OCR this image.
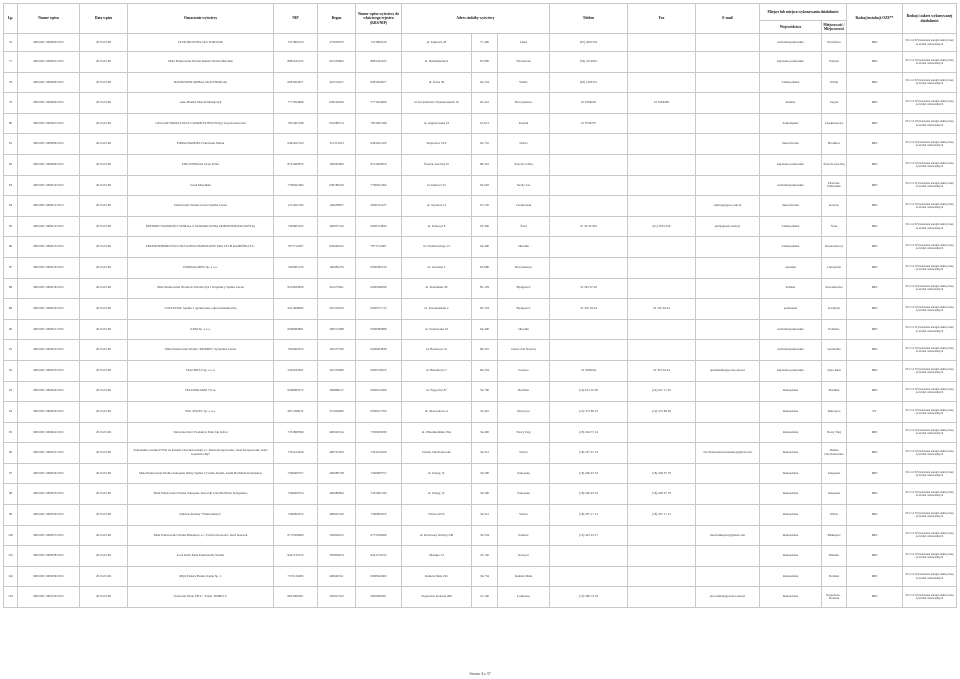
Lp.	Numer wpisu	Data wpisu	Oznaczenie wytwórcy	NIP	Regon	Numer wpisu wytwórcy do właściwego rejestru (KRS/NIP)	Adres siedziby wytwórcy			Telefon	Fax	E-mail	Miejsce lub miejsca wykonywania działalności		Rodzaj instalacji OZE**	Rodzaj i zakres wykonywanej działalności	
													Województwo	Miejscowość / Miejscowości			
76	MEOZE/1000000/2015	2015-03-06	ELEKTROWNIA JAN TOMASIK	7471800120	273050970	7471800120	ul. Kajkowa 28	77-400	Lipka	(67) 2661234			zachodniopomorskie	Nowiębice	MEI	35.11.Z Wytwarzanie energii elektrycznej ze źródeł odnawialnych	
77	MEOZE/1000001/2015	2015-03-06	Mała Elektrownia Wodna Danuta Wolter-Marchuk	8881343165	910230862	8881343165	ul. Dunalajbelna 9	87-800	Włocławek	(54) 2314910			kujawsko-pomorskie	Wąbrze	MEI	35.11.Z Wytwarzanie energii elektrycznej ze źródeł odnawialnych	
78	MEOZE/1000004/2015	2015-03-06	HANNOWER MOBAL EKO-ENERGIA	6981004677	410514471	6981004677	ul. Polna 39	64-234	Wielły	(63) 1406131			wielkopolskie	Wielły	MEI	35.11.Z Wytwarzanie energii elektrycznej ze źródeł odnawialnych	
79	MEOZE/1000006/2015	2015-03-06	Auto-Blamat Marcin Madajczyk	7771024489	639529429	7771024489	ul. Kosyniertów Wyszkowskich 16	62-441	Pieczyskiewo	61 8184002	61 8184482		łódzkie	Żegoń	MEI	35.11.Z Wytwarzanie energii elektrycznej ze źródeł odnawialnych	
80	MEOZE/1000007/2015	2015-03-06	GEO-SAT FIRMA USŁUG GEODEZYJNYCH mgr Lucjan Główacki	7821001298	632286574	7821001298	ul. Augustowska 23	61-013	Poznań	61 8794797			dolnośląskie	Czerkiszewice	MEI	35.11.Z Wytwarzanie energii elektrycznej ze źródeł odnawialnych	
81	MEOZE/1000008/2015	2015-03-06	FIRMA HANDEL Franciszek Marek	6481261320	351313223	6481261320	Słupowice 33/2	62-710	Dobra				mazowieckie	Brodnica	MEI	35.11.Z Wytwarzanie energii elektrycznej ze źródeł odnawialnych	
82	MEOZE/1000009/2015	2015-03-06	ENE-ENERGIA Jacek Polka	8741060870	340045083	8741060870	Świecie nad Osą 97	86-341	Świecie n/Osą				kujawsko-pomorskie	Świecie nad Osą	MEI	35.11.Z Wytwarzanie energii elektrycznej ze źródeł odnawialnych	
83	MEOZE/1000010/2015	2015-03-06	Jacek Mowiński	7790021694	630780199	7790021694	ul. Dębowa 55	62-002	Suchy Las				zachodniopomorskie	Drawsko Pomorskie	MEI	35.11.Z Wytwarzanie energii elektrycznej ze źródeł odnawialnych	
84	MEOZE/1000011/2015	2015-03-06	Elektrownia Wodna Grzesi Spółka Jawna	1231261782	146638057	0000311627	ul. Topolowa 4	07-720	Czerkowiek			andrzej@goes.com.pl	mazowieckie	Kostów	MEI	35.11.Z Wytwarzanie energii elektrycznej ze źródeł odnawialnych	
85	MEOZE/1000012/2015	2015-03-06	ŚREDNIEJ WODNOŚCI SPÓŁKA Z OGRANICZONĄ ODPOWIEDZIALNOŚCIĄ	7393903165	469937310	0000314840	ul. Parkowa 8	63-300	Ściel	61 28 30 459	(61) 3501.256	jarek@park-wsm.pl	wielkopolskie	Ściel	MEI	35.11.Z Wytwarzanie energii elektrycznej ze źródeł odnawialnych	
86	MEOZE/1000015/2015	2015-03-06	PRZEDSIĘBIORSTWO USŁUGOWO-HANDLOWE ERA LECH KAMIŃSKI S.C.	7871712607	630048192	7871712607	ul. Wodnictwiego 13	64-400	Obornik				wielkopolskie	Kraszewkowy	MEI	35.11.Z Wytwarzanie energii elektrycznej ze źródeł odnawialnych	
87	MEOZE/1000016/2015	2015-03-06	ENERGO-MEW Sp. z o.o.	7492001576	160482279	0000380159	ul. Zaciszna 3	62-080	Pieczyskiewo				opolskie	Lubszyzna	MEI	35.11.Z Wytwarzanie energii elektrycznej ze źródeł odnawialnych	
88	MEOZE/1000018/2015	2015-03-06	Mała Elektrownia Wodna K.Włodarczyk i Wspólnicy Spółka Jawna	9532620850	341273461	0000348030	ul. Poznańska 39	85-129	Bydgoszcz	52 345 07 26			łódzkie	Kowalkowka	MEI	35.11.Z Wytwarzanie energii elektrycznej ze źródeł odnawialnych	
89	MEOZE/1000019/2015	2015-03-06	VOLTASTAL Spółka z ograniczoną odpowiedzialnością	6411908000	291236166	0000371715	ul. Kraszpółskiej 2	85-334	Bydgoszcz	52 310 04 44	52 310 04 44		pomorskie	Kwidzyn	MEI	35.11.Z Wytwarzanie energii elektrycznej ze źródeł odnawialnych	
90	MEOZE/1000021/2015	2015-03-06	KOM Sp. z o.o.	6060984891	300513388	0000380898	ul. Stronawska 10	64-400	Obornik				zachodniopomorskie	Połanów	MEI	35.11.Z Wytwarzanie energii elektrycznej ze źródeł odnawialnych	
91	MEOZE/1000022/2015	2015-03-06	Mała Elektrownia Wodna "MODRIS" Sp.Spółka Jawna	7662602074	362557760	0000403838	ul. Betonowa 3a	86-310	Gniew nad Notecią				zachodniopomorskie	Gromadno	MEI	35.11.Z Wytwarzanie energii elektrycznej ze źródeł odnawialnych	
92	MEOZE/1000023/2015	2015-03-06	STACHOT-2 Sp. z o.o.	2392043931	361550480	0000318474	ul. Bielamowa 7	84-234	Łoleszo	52 3282044	52 323 04 44	andzamuki@poczta.onet.pl	kujawsko-pomorskie	Stare Rżeś	MEI	35.11.Z Wytwarzanie energii elektrycznej ze źródeł odnawialnych	
93	MEOZE/1000024/2015	2015-03-06	STALSPIKARNI T.S.A.	6660984772	300898127	0000012209	ul. Wygolscy 87	32-700	Bochnia	(14) 612 10 00	(14) 615 11 50		małopolskie	Bochnia	MEI	35.11.Z Wytwarzanie energii elektrycznej ze źródeł odnawialnych	
94	MEOZE/1000026/2015	2015-03-06	POL-INWEC Sp. z o.o.	6811296074	351664000	0000017550	ul. Olszowkowa 4	32-410	Dobczyce	(12) 372 89 10	(12) 372 89 00		małopolskie	Dobczyce	PV	35.11.Z Wytwarzanie energii elektrycznej ze źródeł odnawialnych	
95	MEOZE/1000022/2015	2015-03-06	Tartaczne Inni i Produkcja Palet Jan Jędrol	7351808399	490020314	7350000039	ul. Wikomiołlnika 39A	34-400	Nowy Targ	(18) 264 37 24			małopolskie	Nowy Targ	MEI	35.11.Z Wytwarzanie energii elektrycznej ze źródeł odnawialnych	
96	MEOZE/1000031/2015	2015-03-06	Sokoniakis Górskie PTTK na Polanie Chochołowskiej s.c. Maria Krzeptowska, Józef Krzeptowski, Irena Gąsienica-Być	7361412420	490797284	7361412420	Dolina Chochołowska	34-512	Witów	(18) 207 01 16		chocholowskaschronisko@gmail.com	małopolskie	Dolina Chochołowska	MEI	35.11.Z Wytwarzanie energii elektrycznej ze źródeł odnawialnych	
97	MEOZE/1000034/2015	2015-03-06	Mała Elektrownia Wodna Zakopane Ośmy Spółka Cywilna Jaremi, Adam Bochlicki Kołyplakos	7360009757	490680748	7360009757	ul. Ostrąg 1C	34-500	Zakopane	(18) 206 43 32	(18) 206 07 79		małopolskie	Zakopane	MEI	35.11.Z Wytwarzanie energii elektrycznej ze źródeł odnawialnych	
98	MEOZE/1000035/2015	2015-03-06	Mała Elektrownia Wodna Zakopane Janowski Jana Bochlicki Kołyplakos	7360009754	490680994	7361001340	ul. Ostrąg 1C	34-500	Zakopane	(18) 206 43 32	(18) 206 07 79		małopolskie	Zakopane	MEI	35.11.Z Wytwarzanie energii elektrycznej ze źródeł odnawialnych	
99	MEOZE/1000036/2015	2015-03-06	Kubeck Andrzej "Flamczakówa"	7360002074	490967160	7360002074	Witów 207A	34-512	Witów	(18) 207 17 12	(18) 207 17 12		małopolskie	Witów	MEI	35.11.Z Wytwarzanie energii elektrycznej ze źródeł odnawialnych	
100	MEOZE/1000037/2015	2015-03-06	Mała Elektrownia Wodna Biskupice s.c. Sylwia Nowiecki, Józef Rotecek	6772509480	356993415	6772509480	ul. Królowiej Jadwigi 238	30-234	Kraków	(12) 425 22 27		mewbiskupice@gmail.com	małopolskie	Biskupice	MEI	35.11.Z Wytwarzanie energii elektrycznej ze źródeł odnawialnych	
101	MEOZE/1000038/2015	2015-03-06	Loch Dalia Mała Elektrownia Wodna	9441510152	350894674	9441510152	Mazuko 74	32-130	Koszyce				małopolskie	Mazuko	MEI	35.11.Z Wytwarzanie energii elektrycznej ze źródeł odnawialnych	
102	MEOZE/1000039/2015	2015-03-06	Młyn Elektra Hołek, Kajak Sp. J.	7372134693	490640511	0000022660	Kamela Mała 291	34-734	Kamela Mała				małopolskie	Podolsk	MEI	35.11.Z Wytwarzanie energii elektrycznej ze źródeł odnawialnych	
103	MEOZE/1000150/2015	2015-03-06	Sylwester Duda F.H.U. "DAU-TOMKI 2"	6821060301	320627422	6820060301	Nogacków Kolonia 408	21-100	Łoniszów	(12) 386 74 16		elra.tanikol@poczta.onet.pl	małopolskie	Nogacków - Kolonia	MEI	35.11.Z Wytwarzanie energii elektrycznej ze źródeł odnawialnych	
Strona 4 z 37
